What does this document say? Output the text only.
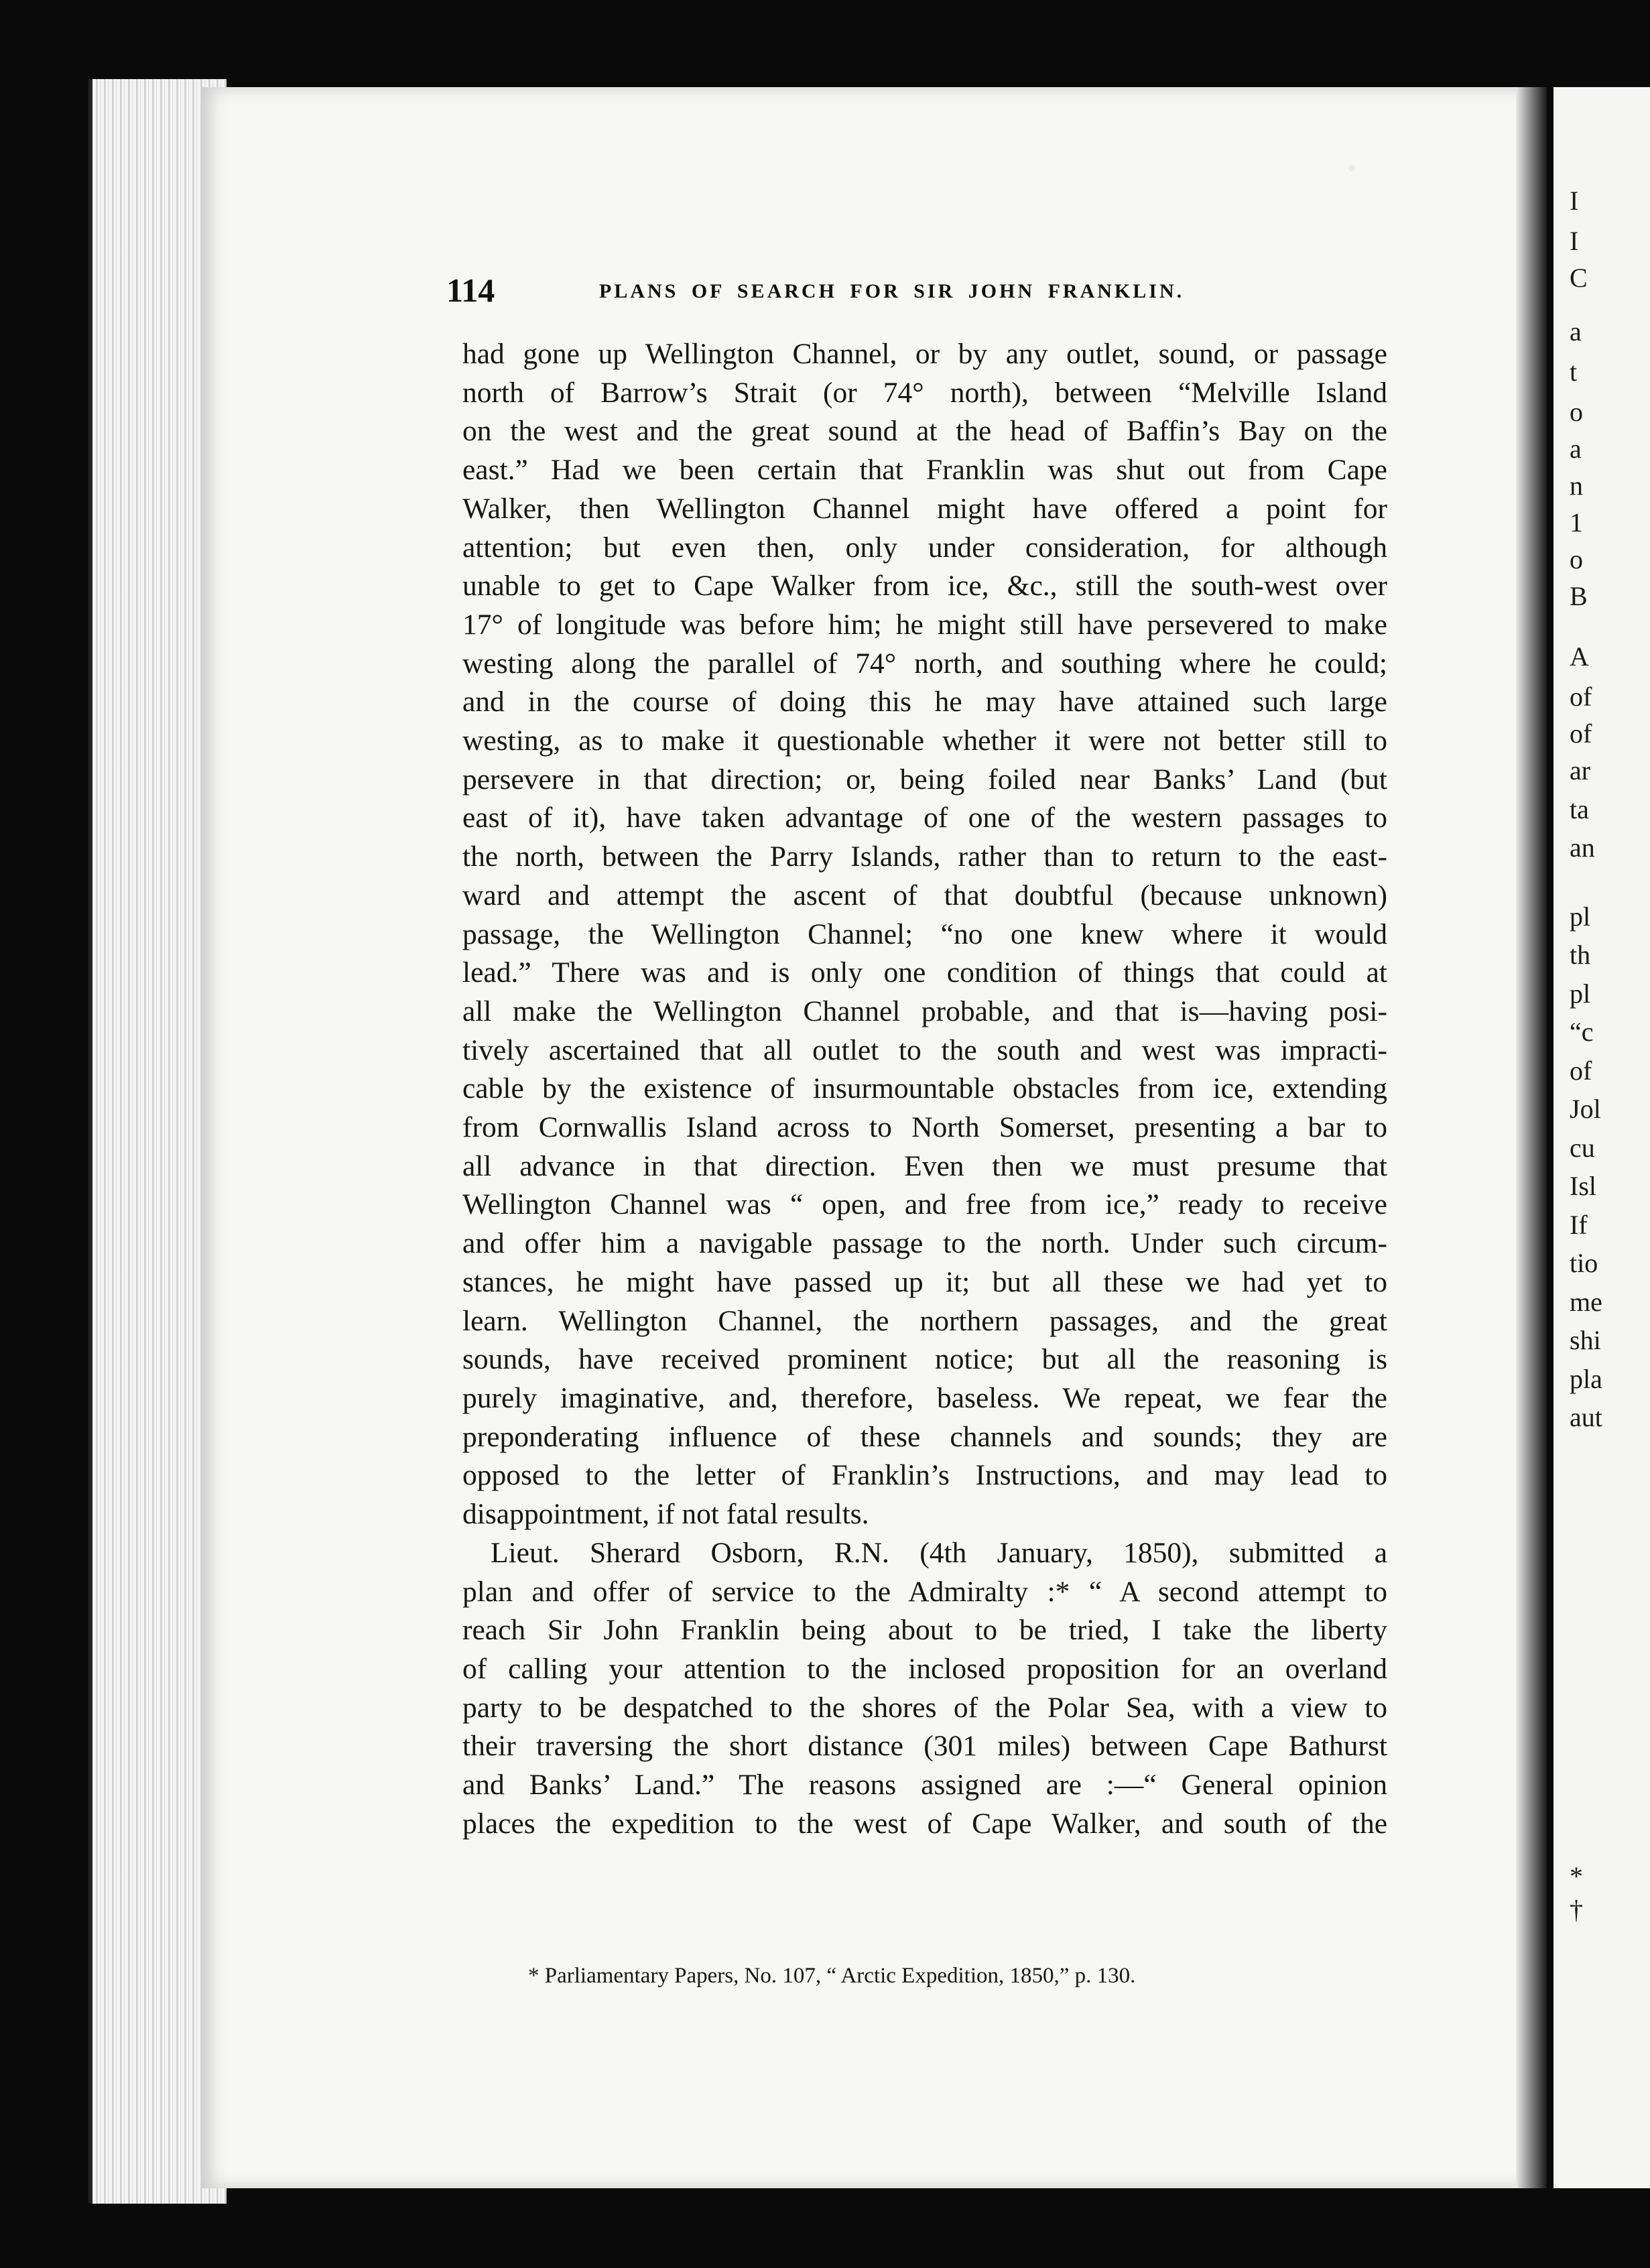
I
I
C
a
t
o
a
n
1
o
B
A
of
of
ar
ta
an
pl
th
pl
“c
of
Jol
cu
Isl
If
tio
me
shi
pla
aut
*
†
114	PLANS OF SEARCH FOR SIR JOHN FRANKLIN.
had gone up Wellington Channel, or by any outlet, sound, or passage
north of Barrow’s Strait (or 74° north), between “Melville Island
on the west and the great sound at the head of Baffin’s Bay on the
east.” Had we been certain that Franklin was shut out from Cape
Walker, then Wellington Channel might have offered a point for
attention; but even then, only under consideration, for although
unable to get to Cape Walker from ice, &c., still the south-west over
17° of longitude was before him; he might still have persevered to make
westing along the parallel of 74° north, and southing where he could;
and in the course of doing this he may have attained such large
westing, as to make it questionable whether it were not better still to
persevere in that direction; or, being foiled near Banks’ Land (but
east of it), have taken advantage of one of the western passages to
the north, between the Parry Islands, rather than to return to the east-
ward and attempt the ascent of that doubtful (because unknown)
passage, the Wellington Channel; “no one knew where it would
lead.” There was and is only one condition of things that could at
all make the Wellington Channel probable, and that is—having posi-
tively ascertained that all outlet to the south and west was impracti-
cable by the existence of insurmountable obstacles from ice, extending
from Cornwallis Island across to North Somerset, presenting a bar to
all advance in that direction. Even then we must presume that
Wellington Channel was “ open, and free from ice,” ready to receive
and offer him a navigable passage to the north. Under such circum-
stances, he might have passed up it; but all these we had yet to
learn. Wellington Channel, the northern passages, and the great
sounds, have received prominent notice; but all the reasoning is
purely imaginative, and, therefore, baseless. We repeat, we fear the
preponderating influence of these channels and sounds; they are
opposed to the letter of Franklin’s Instructions, and may lead to
disappointment, if not fatal results.
Lieut. Sherard Osborn, R.N. (4th January, 1850), submitted a
plan and offer of service to the Admiralty :* “ A second attempt to
reach Sir John Franklin being about to be tried, I take the liberty
of calling your attention to the inclosed proposition for an overland
party to be despatched to the shores of the Polar Sea, with a view to
their traversing the short distance (301 miles) between Cape Bathurst
and Banks’ Land.” The reasons assigned are :—“ General opinion
places the expedition to the west of Cape Walker, and south of the
* Parliamentary Papers, No. 107, “ Arctic Expedition, 1850,” p. 130.
